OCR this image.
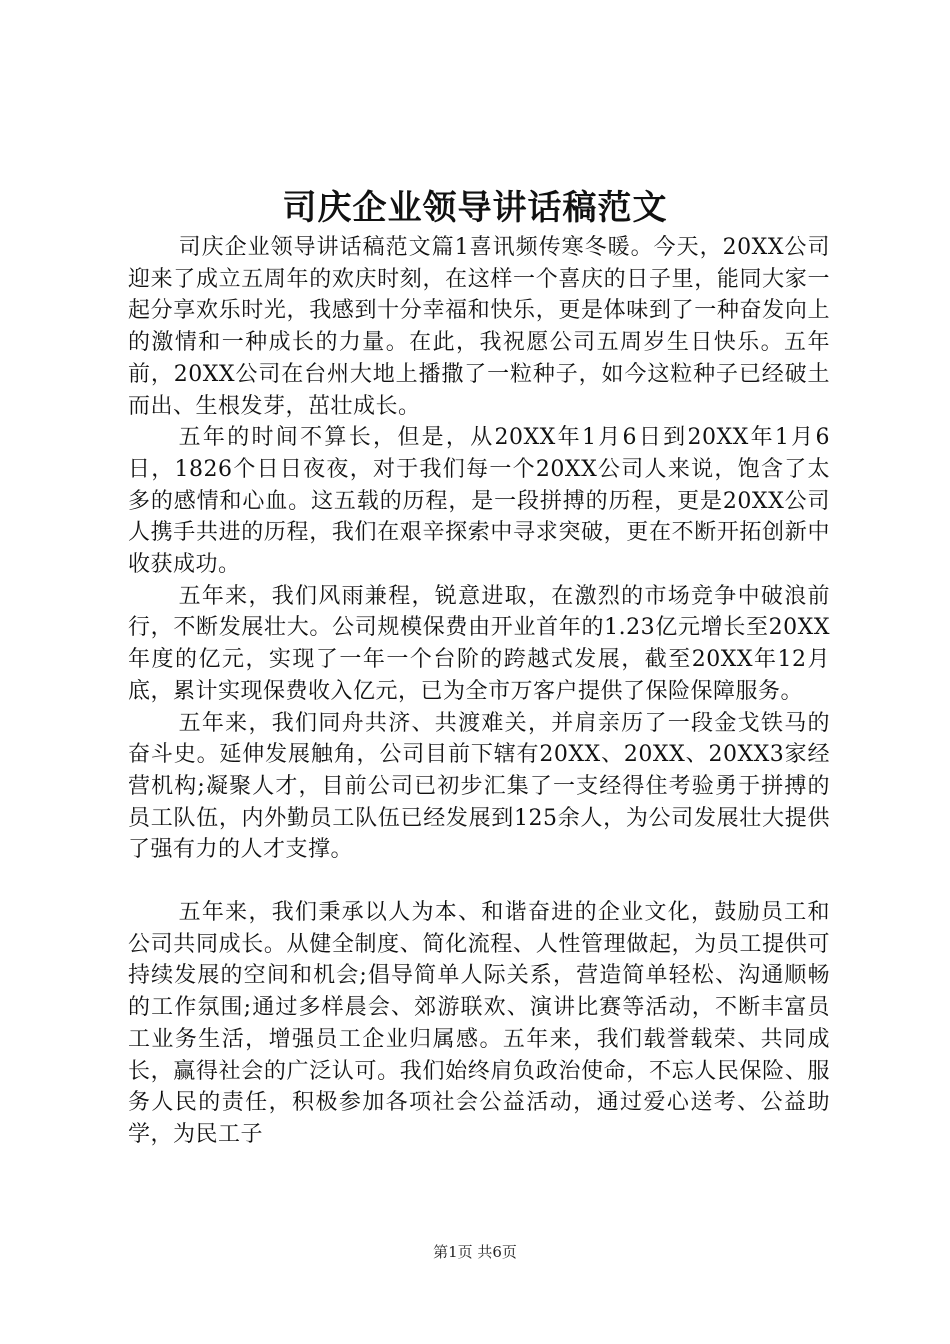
司庆企业领导讲话稿范文

司庆企业领导讲话稿范文篇1喜讯频传寒冬暖。今天，20XX公司迎来了成立五周年的欢庆时刻，在这样一个喜庆的日子里，能同大家一起分享欢乐时光，我感到十分幸福和快乐，更是体味到了一种奋发向上的激情和一种成长的力量。在此，我祝愿公司五周岁生日快乐。五年前，20XX公司在台州大地上播撒了一粒种子，如今这粒种子已经破土而出、生根发芽，茁壮成长。

五年的时间不算长，但是，从20XX年1月6日到20XX年1月6日，1826个日日夜夜，对于我们每一个20XX公司人来说，饱含了太多的感情和心血。这五载的历程，是一段拼搏的历程，更是20XX公司人携手共进的历程，我们在艰辛探索中寻求突破，更在不断开拓创新中收获成功。

五年来，我们风雨兼程，锐意进取，在激烈的市场竞争中破浪前行，不断发展壮大。公司规模保费由开业首年的1.23亿元增长至20XX年度的亿元，实现了一年一个台阶的跨越式发展，截至20XX年12月底，累计实现保费收入亿元，已为全市万客户提供了保险保障服务。

五年来，我们同舟共济、共渡难关，并肩亲历了一段金戈铁马的奋斗史。延伸发展触角，公司目前下辖有20XX、20XX、20XX3家经营机构;凝聚人才，目前公司已初步汇集了一支经得住考验勇于拼搏的员工队伍，内外勤员工队伍已经发展到125余人，为公司发展壮大提供了强有力的人才支撑。

五年来，我们秉承以人为本、和谐奋进的企业文化，鼓励员工和公司共同成长。从健全制度、简化流程、人性管理做起，为员工提供可持续发展的空间和机会;倡导简单人际关系，营造简单轻松、沟通顺畅的工作氛围;通过多样晨会、郊游联欢、演讲比赛等活动，不断丰富员工业务生活，增强员工企业归属感。五年来，我们载誉载荣、共同成长，赢得社会的广泛认可。我们始终肩负政治使命，不忘人民保险、服务人民的责任，积极参加各项社会公益活动，通过爱心送考、公益助学，为民工子

第1页 共6页
